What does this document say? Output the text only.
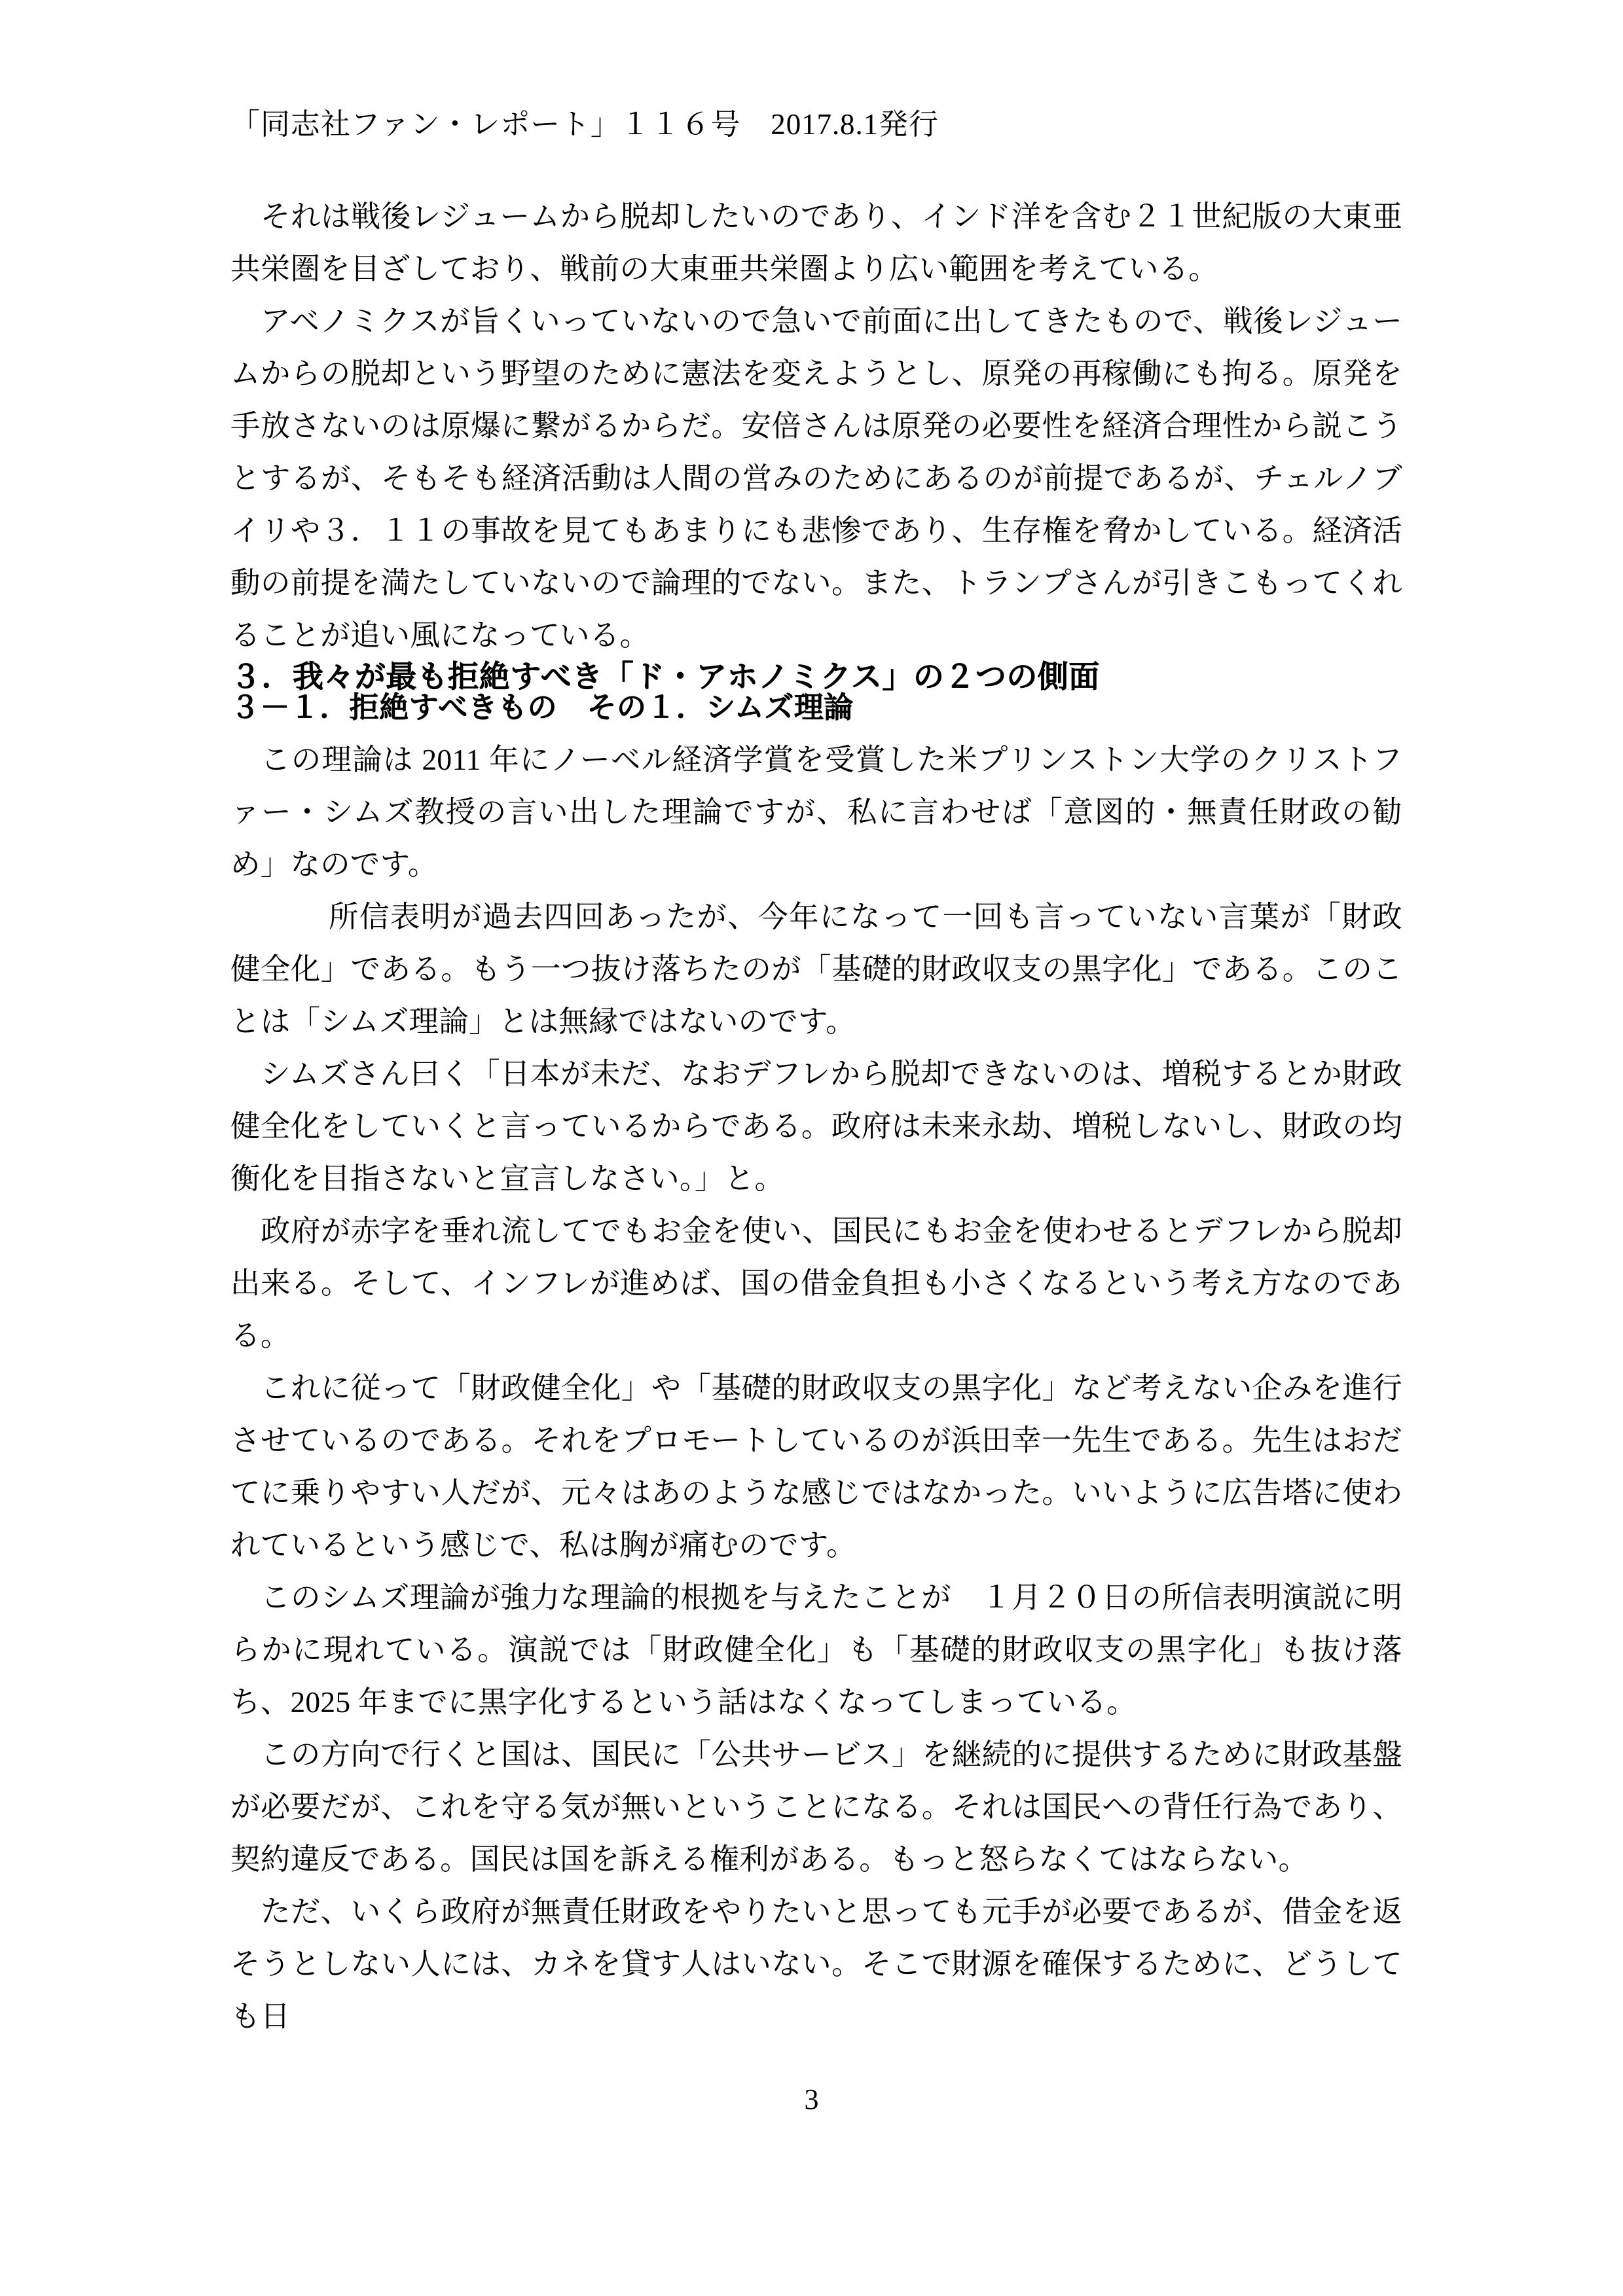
「同志社ファン・レポート」１１６号　2017.8.1発行

それは戦後レジュームから脱却したいのであり、インド洋を含む２１世紀版の大東亜共栄圏を目ざしており、戦前の大東亜共栄圏より広い範囲を考えている。

アベノミクスが旨くいっていないので急いで前面に出してきたもので、戦後レジュームからの脱却という野望のために憲法を変えようとし、原発の再稼働にも拘る。原発を手放さないのは原爆に繋がるからだ。安倍さんは原発の必要性を経済合理性から説こうとするが、そもそも経済活動は人間の営みのためにあるのが前提であるが、チェルノブイリや３．１１の事故を見てもあまりにも悲惨であり、生存権を脅かしている。経済活動の前提を満たしていないので論理的でない。また、トランプさんが引きこもってくれることが追い風になっている。

３．我々が最も拒絶すべき「ド・アホノミクス」の２つの側面
３－１．拒絶すべきもの　その１．シムズ理論

この理論は 2011 年にノーベル経済学賞を受賞した米プリンストン大学のクリストファー・シムズ教授の言い出した理論ですが、私に言わせば「意図的・無責任財政の勧め」なのです。

所信表明が過去四回あったが、今年になって一回も言っていない言葉が「財政健全化」である。もう一つ抜け落ちたのが「基礎的財政収支の黒字化」である。このことは「シムズ理論」とは無縁ではないのです。

シムズさん曰く「日本が未だ、なおデフレから脱却できないのは、増税するとか財政健全化をしていくと言っているからである。政府は未来永劫、増税しないし、財政の均衡化を目指さないと宣言しなさい。」と。

政府が赤字を垂れ流してでもお金を使い、国民にもお金を使わせるとデフレから脱却出来る。そして、インフレが進めば、国の借金負担も小さくなるという考え方なのである。

これに従って「財政健全化」や「基礎的財政収支の黒字化」など考えない企みを進行させているのである。それをプロモートしているのが浜田幸一先生である。先生はおだてに乗りやすい人だが、元々はあのような感じではなかった。いいように広告塔に使われているという感じで、私は胸が痛むのです。

このシムズ理論が強力な理論的根拠を与えたことが　１月２０日の所信表明演説に明らかに現れている。演説では「財政健全化」も「基礎的財政収支の黒字化」も抜け落ち、2025 年までに黒字化するという話はなくなってしまっている。

この方向で行くと国は、国民に「公共サービス」を継続的に提供するために財政基盤が必要だが、これを守る気が無いということになる。それは国民への背任行為であり、契約違反である。国民は国を訴える権利がある。もっと怒らなくてはならない。

ただ、いくら政府が無責任財政をやりたいと思っても元手が必要であるが、借金を返そうとしない人には、カネを貸す人はいない。そこで財源を確保するために、どうしても日

3
